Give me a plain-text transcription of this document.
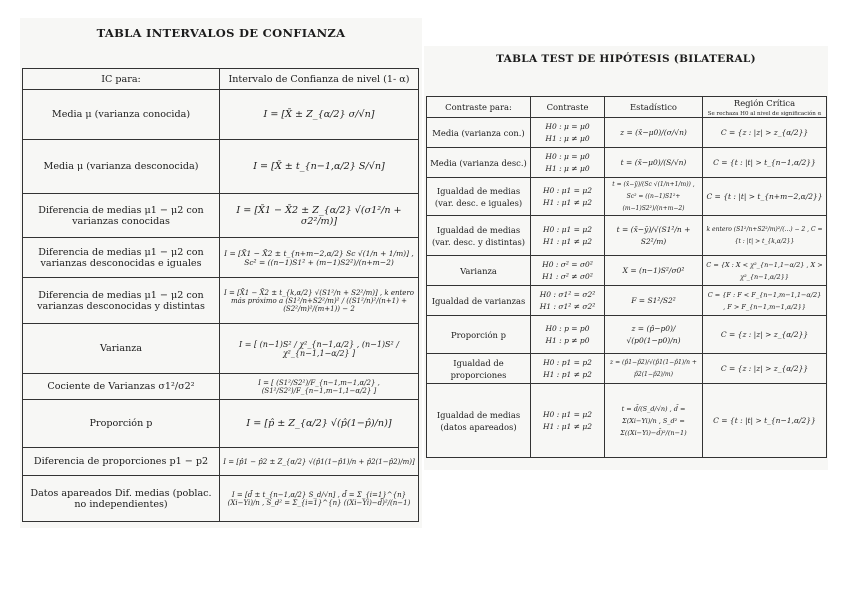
TABLA INTERVALOS DE CONFIANZA
IC para:	Intervalo de Confianza de nivel (1- α)
Media μ (varianza conocida)	I = [X̄ ± Z_{α/2} σ/√n]
Media μ (varianza desconocida)	I = [X̄ ± t_{n−1,α/2} S/√n]
Diferencia de medias μ1 − μ2 con varianzas conocidas	I = [X̄1 − X̄2 ± Z_{α/2} √(σ1²/n + σ2²/m)]
Diferencia de medias μ1 − μ2 con varianzas desconocidas e iguales	I = [X̄1 − X̄2 ± t_{n+m−2,α/2} Sc √(1/n + 1/m)] , Sc² = ((n−1)S1² + (m−1)S2²)/(n+m−2)
Diferencia de medias μ1 − μ2 con varianzas desconocidas y distintas	I = [X̄1 − X̄2 ± t_{k,α/2} √(S1²/n + S2²/m)] , k entero más próximo a (S1²/n+S2²/m)² / ((S1²/n)²/(n+1) + (S2²/m)²/(m+1)) − 2
Varianza	I = [ (n−1)S² / χ²_{n−1,α/2} , (n−1)S² / χ²_{n−1,1−α/2} ]
Cociente de Varianzas σ1²/σ2²	I = [ (S1²/S2²)/F_{n−1,m−1,α/2} , (S1²/S2²)/F_{n−1,m−1,1−α/2} ]
Proporción p	I = [p̂ ± Z_{α/2} √(p̂(1−p̂)/n)]
Diferencia de proporciones p1 − p2	I = [p̂1 − p̂2 ± Z_{α/2} √(p̂1(1−p̂1)/n + p̂2(1−p̂2)/m)]
Datos apareados Dif. medias (poblac. no independientes)	I = [d̄ ± t_{n−1,α/2} S_d/√n] , d̄ = Σ_{i=1}^{n} (Xi−Yi)/n , S_d² = Σ_{i=1}^{n} ((Xi−Yi)−d̄)²/(n−1)
TABLA TEST DE HIPÓTESIS (BILATERAL)
Contraste para:	Contraste	Estadístico	Región Crítica
Se rechaza H0 al nivel de significación α

Media (varianza con.)	H0 : μ = μ0
H1 : μ ≠ μ0	z = (x̄−μ0)/(σ/√n)	C = {z : |z| > z_{α/2}}
Media (varianza desc.)	H0 : μ = μ0
H1 : μ ≠ μ0	t = (x̄−μ0)/(S/√n)	C = {t : |t| > t_{n−1,α/2}}
Igualdad de medias (var. desc. e iguales)	H0 : μ1 = μ2
H1 : μ1 ≠ μ2	t = (x̄−ȳ)/(Sc √(1/n+1/m)) , Sc² = ((n−1)S1²+(m−1)S2²)/(n+m−2)	C = {t : |t| > t_{n+m−2,α/2}}
Igualdad de medias (var. desc. y distintas)	H0 : μ1 = μ2
H1 : μ1 ≠ μ2	t = (x̄−ȳ)/√(S1²/n + S2²/m)	k entero (S1²/n+S2²/m)²/(...) − 2 , C = {t : |t| > t_{k,α/2}}
Varianza	H0 : σ² = σ0²
H1 : σ² ≠ σ0²	X = (n−1)S²/σ0²	C = {X : X < χ²_{n−1,1−α/2} , X > χ²_{n−1,α/2}}
Igualdad de varianzas	H0 : σ1² = σ2²
H1 : σ1² ≠ σ2²	F = S1²/S2²	C = {F : F < F_{n−1,m−1,1−α/2} , F > F_{n−1,m−1,α/2}}
Proporción p	H0 : p = p0
H1 : p ≠ p0	z = (p̂−p0)/√(p0(1−p0)/n)	C = {z : |z| > z_{α/2}}
Igualdad de proporciones	H0 : p1 = p2
H1 : p1 ≠ p2	z = (p̂1−p̂2)/√(p̂1(1−p̂1)/n + p̂2(1−p̂2)/m)	C = {z : |z| > z_{α/2}}
Igualdad de medias (datos apareados)	H0 : μ1 = μ2
H1 : μ1 ≠ μ2	t = d̄/(S_d/√n) , d̄ = Σ(Xi−Yi)/n , S_d² = Σ((Xi−Yi)−d̄)²/(n−1)	C = {t : |t| > t_{n−1,α/2}}
